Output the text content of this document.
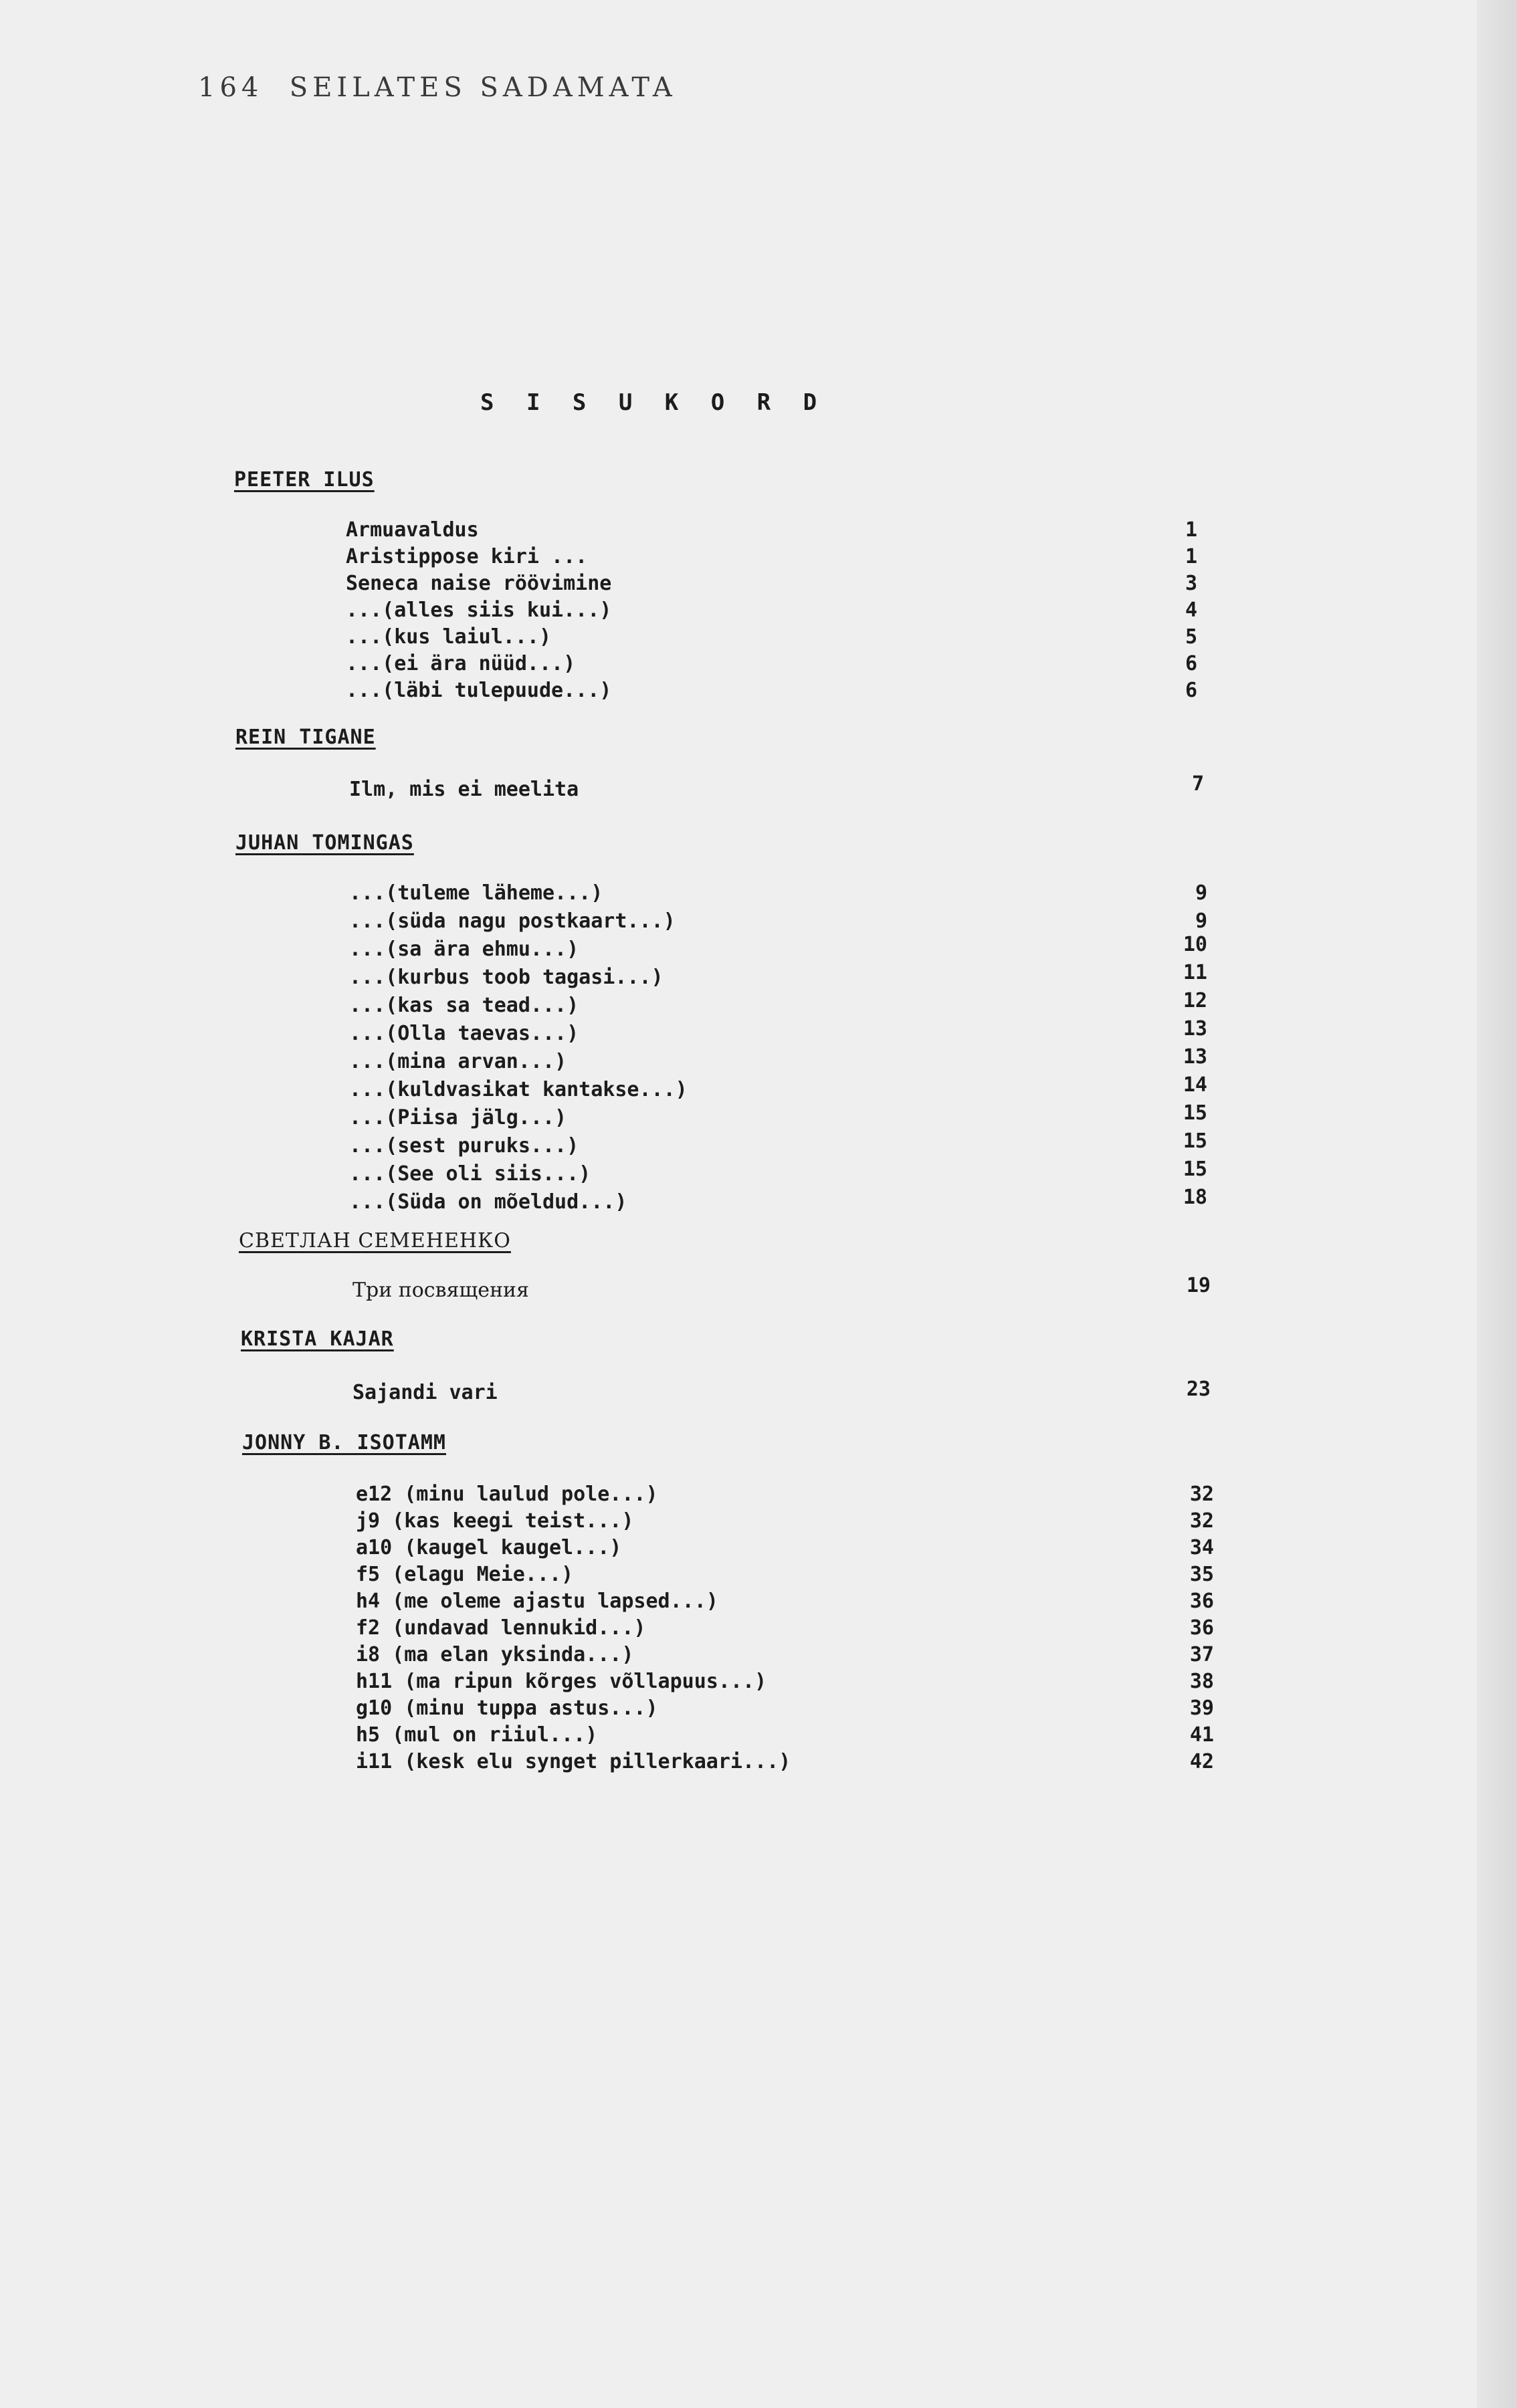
164 SEILATES SADAMATA
S I S U K O R D
PEETER ILUS
Armuavaldus	1
Aristippose kiri ...	1
Seneca naise röövimine	3
...(alles siis kui...)	4
...(kus laiul...)	5
...(ei ära nüüd...)	6
...(läbi tulepuude...)	6
REIN TIGANE
Ilm, mis ei meelita	7
JUHAN TOMINGAS
...(tuleme läheme...)	9
...(süda nagu postkaart...)	9
...(sa ära ehmu...)	10
...(kurbus toob tagasi...)	11
...(kas sa tead...)	12
...(Olla taevas...)	13
...(mina arvan...)	13
...(kuldvasikat kantakse...)	14
...(Piisa jälg...)	15
...(sest puruks...)	15
...(See oli siis...)	15
...(Süda on mõeldud...)	18
СВЕТЛАН СЕМЕНЕНКО
Три посвящения	19
KRISTA KAJAR
Sajandi vari	23
JONNY B. ISOTAMM
e12 (minu laulud pole...)	32
j9 (kas keegi teist...)	32
a10 (kaugel kaugel...)	34
f5 (elagu Meie...)	35
h4 (me oleme ajastu lapsed...)	36
f2 (undavad lennukid...)	36
i8 (ma elan yksinda...)	37
h11 (ma ripun kõrges võllapuus...)	38
g10 (minu tuppa astus...)	39
h5 (mul on riiul...)	41
i11 (kesk elu synget pillerkaari...)	42
